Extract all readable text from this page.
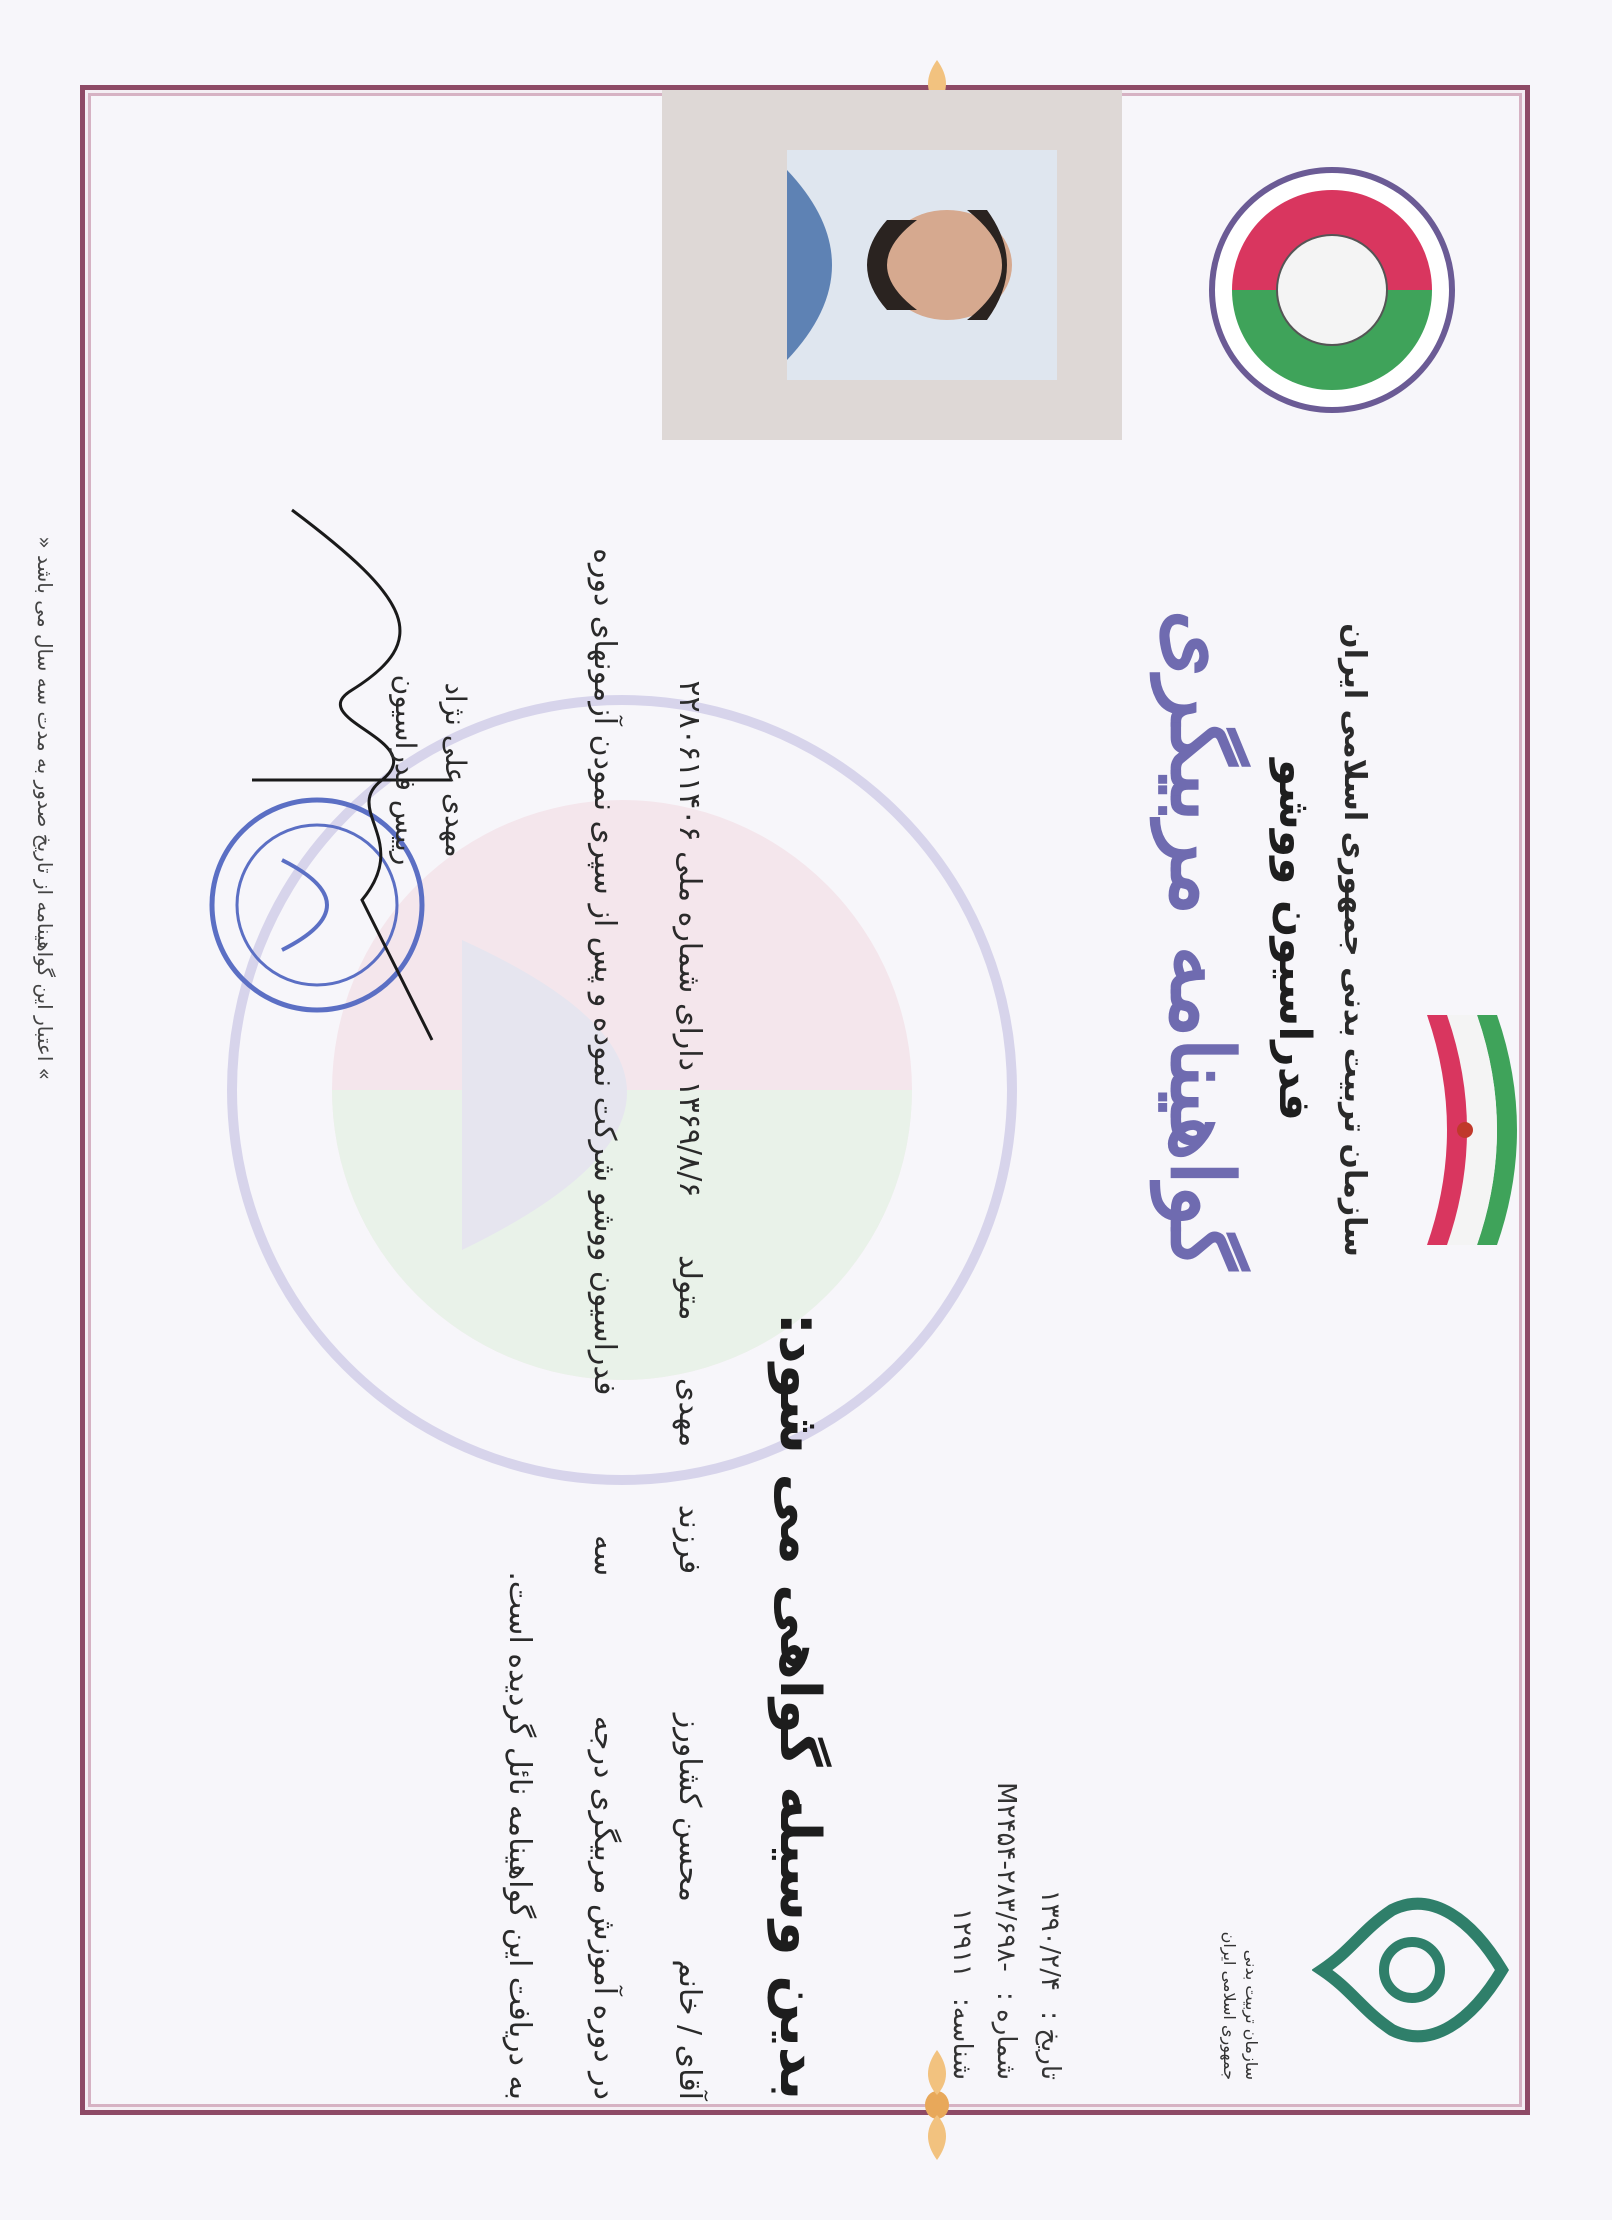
سازمان تربیت بدنی
جمهوری اسلامی ایران
سازمان تربیت بدنی جمهوری اسلامی ایران
فدراسیون ووشو
گواهینامه مربیگری
تاریخ : ۱۳۹۰/۲/۴
شماره : M۲۴۵۴-۲۸۳/۶۹۸-
شناسه: ۱۲۹۱۱
بدین وسیله گواهی می شود:
آقای / خانم محسن کشاورز فرزند مهدی متولد ۱۳۶۹/۸/۶ دارای شماره ملی ۲۲۸۰۶۱۱۴۰۶
در دوره آموزش مربیگری درجه سه فدراسیون ووشو شرکت نموده و پس از سپری نمودن آزمونهای دوره
به دریافت این گواهینامه نائل گردیده است.
مهدی علی نژاد
رییس فدراسیون
» اعتبار این گواهینامه از تاریخ صدور به مدت سه سال می باشد «
